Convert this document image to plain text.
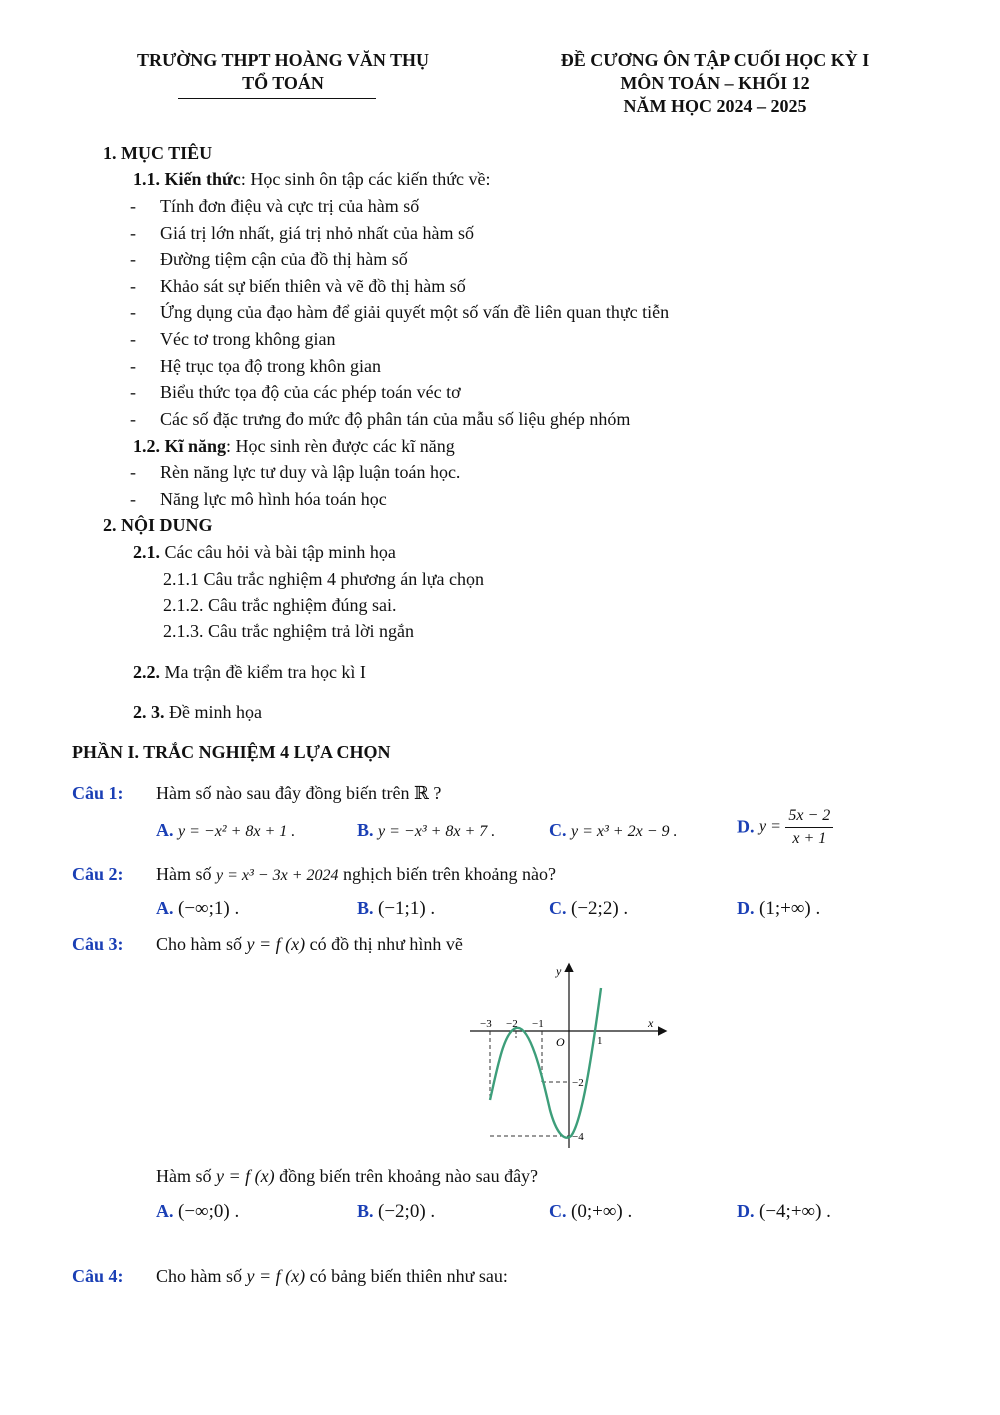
TRƯỜNG THPT HOÀNG VĂN THỤ
TỔ TOÁN
ĐỀ CƯƠNG ÔN TẬP CUỐI HỌC KỲ I
MÔN TOÁN – KHỐI 12
NĂM HỌC 2024 – 2025
1. MỤC TIÊU
1.1. Kiến thức: Học sinh ôn tập các kiến thức về:
- Tính đơn điệu và cực trị của hàm số
- Giá trị lớn nhất, giá trị nhỏ nhất của hàm số
- Đường tiệm cận của đồ thị hàm số
- Khảo sát sự biến thiên và vẽ đồ thị hàm số
- Ứng dụng của đạo hàm để giải quyết một số vấn đề liên quan thực tiễn
- Véc tơ trong không gian
- Hệ trục tọa độ trong khôn gian
- Biểu thức tọa độ của các phép toán véc tơ
- Các số đặc trưng đo mức độ phân tán của mẫu số liệu ghép nhóm
1.2. Kĩ năng: Học sinh rèn được các kĩ năng
- Rèn năng lực tư duy và lập luận toán học.
- Năng lực mô hình hóa toán học
2. NỘI DUNG
2.1. Các câu hỏi và bài tập minh họa
2.1.1 Câu trắc nghiệm 4 phương án lựa chọn
2.1.2. Câu trắc nghiệm đúng sai.
2.1.3. Câu trắc nghiệm trả lời ngắn
2.2. Ma trận đề kiểm tra học kì I
2. 3. Đề minh họa
PHẦN I. TRẮC NGHIỆM 4 LỰA CHỌN
Câu 1: Hàm số nào sau đây đồng biến trên ℝ ?
A. y = −x² + 8x + 1 .	B. y = −x³ + 8x + 7 .	C. y = x³ + 2x − 9 .	D. $y = \frac{5x - 2}{x + 1}$
Câu 2: Hàm số y = x³ − 3x + 2024 nghịch biến trên khoảng nào?
A. (−∞;1) .	B. (−1;1) .	C. (−2;2) .	D. (1;+∞) .
Câu 3: Cho hàm số y = f (x) có đồ thị như hình vẽ
y
x
O
−3 −2 −1
1
−2
−4
Hàm số y = f (x) đồng biến trên khoảng nào sau đây?
A. (−∞;0) .	B. (−2;0) .	C. (0;+∞) .	D. (−4;+∞) .
Câu 4: Cho hàm số y = f (x) có bảng biến thiên như sau:
